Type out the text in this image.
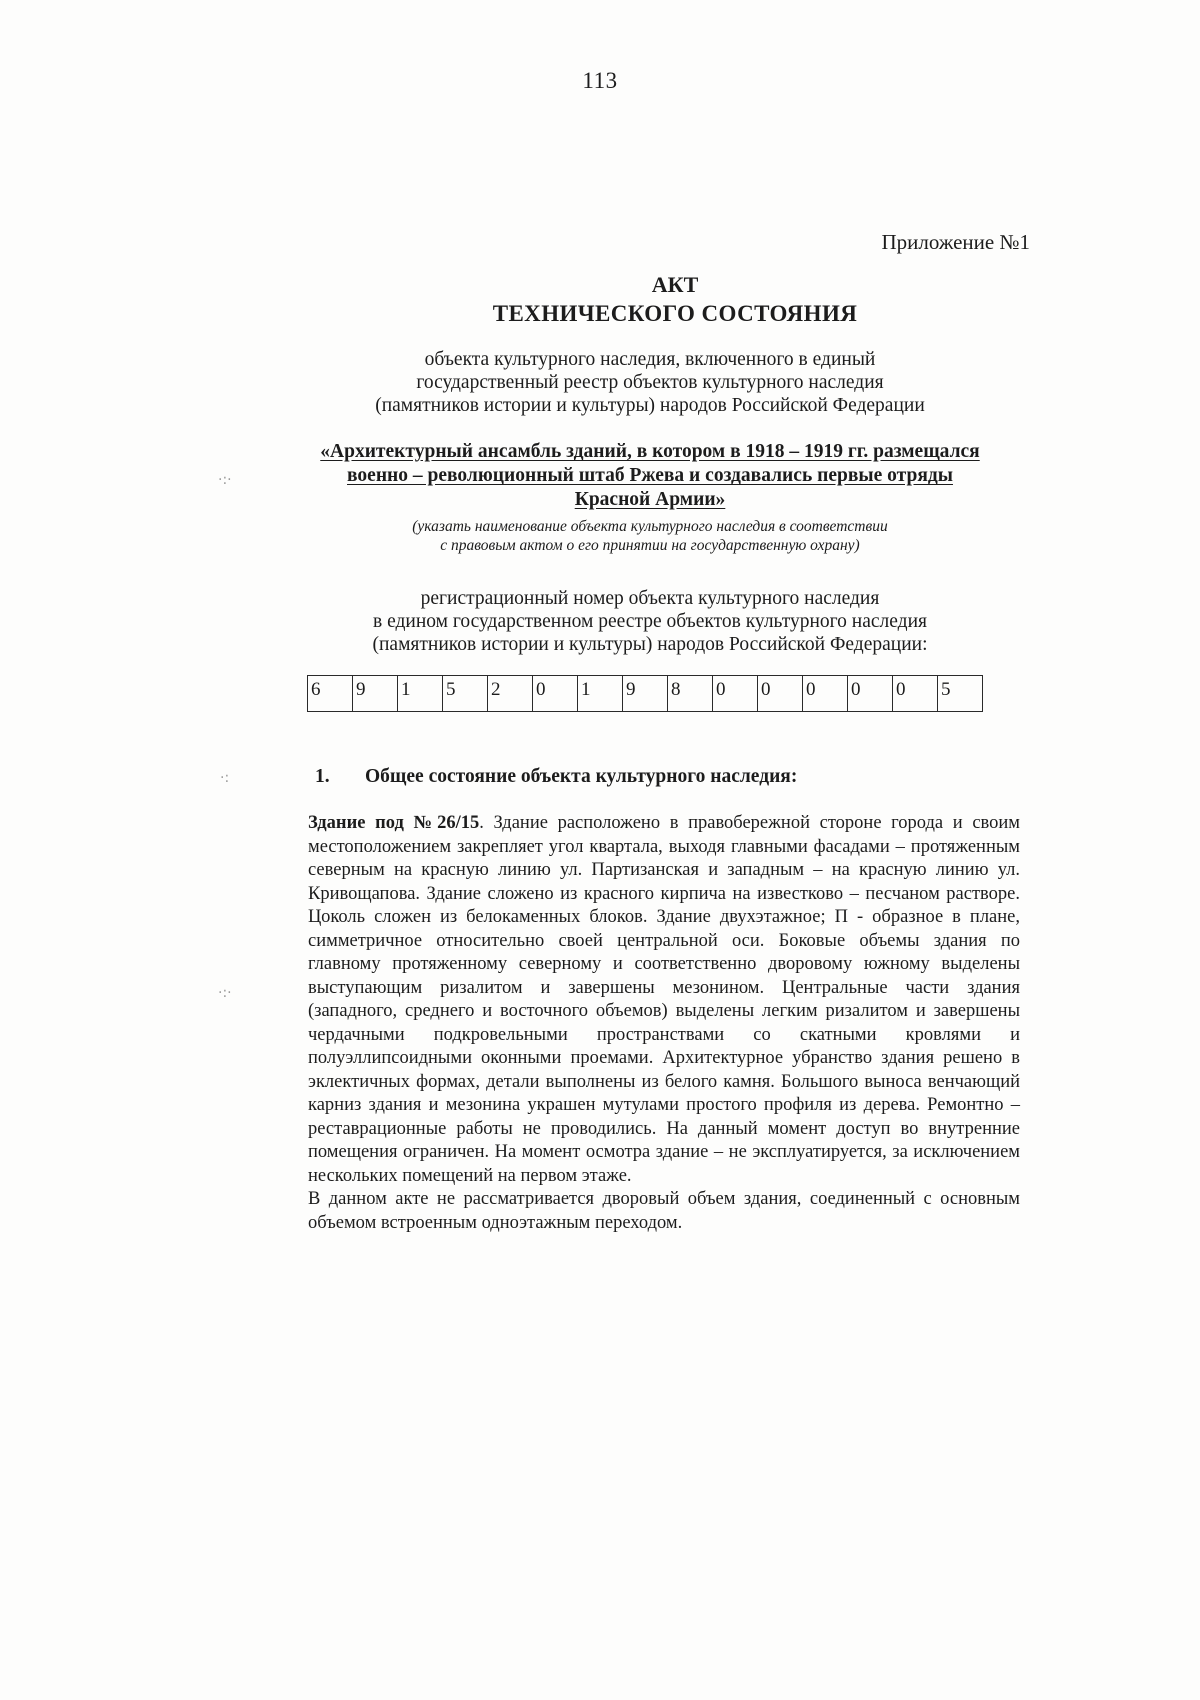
113
Приложение №1
АКТ
ТЕХНИЧЕСКОГО СОСТОЯНИЯ
объекта культурного наследия, включенного в единый
государственный реестр объектов культурного наследия
(памятников истории и культуры) народов Российской Федерации
«Архитектурный ансамбль зданий, в котором в 1918 – 1919 гг. размещался
военно – революционный штаб Ржева и создавались первые отряды
Красной Армии»
(указать наименование объекта культурного наследия в соответствии
с правовым актом о его принятии на государственную охрану)
регистрационный номер объекта культурного наследия
в едином государственном реестре объектов культурного наследия
(памятников истории и культуры) народов Российской Федерации:
6	9	1	5	2	0	1	9	8	0	0	0	0	0	5
1. Общее состояние объекта культурного наследия:

Здание под №26/15. Здание расположено в правобережной стороне города и своим местоположением закрепляет угол квартала, выходя главными фасадами – протяженным северным на красную линию ул. Партизанская и западным – на красную линию ул. Кривощапова. Здание сложено из красного кирпича на известково – песчаном растворе. Цоколь сложен из белокаменных блоков. Здание двухэтажное; П - образное в плане, симметричное относительно своей центральной оси. Боковые объемы здания по главному протяженному северному и соответственно дворовому южному выделены выступающим ризалитом и завершены мезонином. Центральные части здания (западного, среднего и восточного объемов) выделены легким ризалитом и завершены чердачными подкровельными пространствами со скатными кровлями и полуэллипсоидными оконными проемами. Архитектурное убранство здания решено в эклектичных формах, детали выполнены из белого камня. Большого выноса венчающий карниз здания и мезонина украшен мутулами простого профиля из дерева. Ремонтно – реставрационные работы не проводились. На данный момент доступ во внутренние помещения ограничен. На момент осмотра здание – не эксплуатируется, за исключением нескольких помещений на первом этаже.

В данном акте не рассматривается дворовый объем здания, соединенный с основным объемом встроенным одноэтажным переходом.

·:·
·:
·:·
